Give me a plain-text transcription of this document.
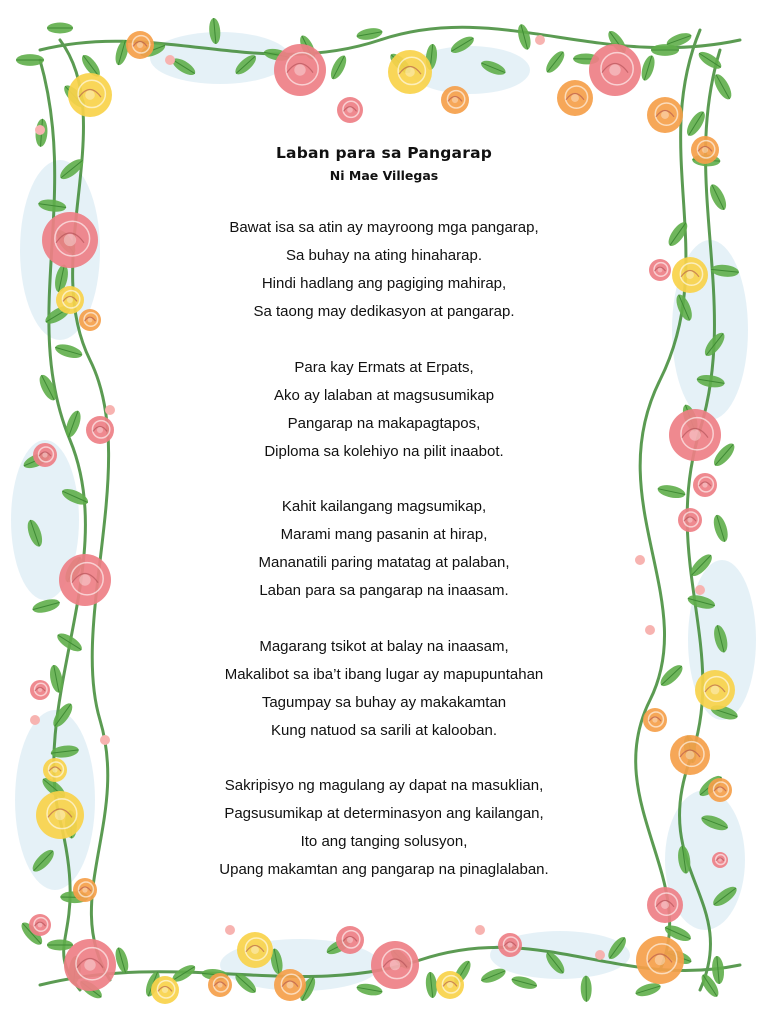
Laban para sa Pangarap
Ni Mae Villegas
Bawat isa sa atin ay mayroong mga pangarap,
Sa buhay na ating hinaharap.
Hindi hadlang ang pagiging mahirap,
Sa taong may dedikasyon at pangarap.
Para kay Ermats at Erpats,
Ako ay lalaban at magsusumikap
Pangarap na makapagtapos,
Diploma sa kolehiyo na pilit inaabot.
Kahit kailangang magsumikap,
Marami mang pasanin at hirap,
Mananatili paring matatag at palaban,
Laban para sa pangarap na inaasam.
Magarang tsikot at balay na inaasam,
Makalibot sa iba’t ibang lugar ay mapupuntahan
Tagumpay sa buhay ay makakamtan
Kung natuod sa sarili at kalooban.
Sakripisyo ng magulang ay dapat na masuklian,
Pagsusumikap at determinasyon ang kailangan,
Ito ang tanging solusyon,
Upang makamtan ang pangarap na pinaglalaban.
